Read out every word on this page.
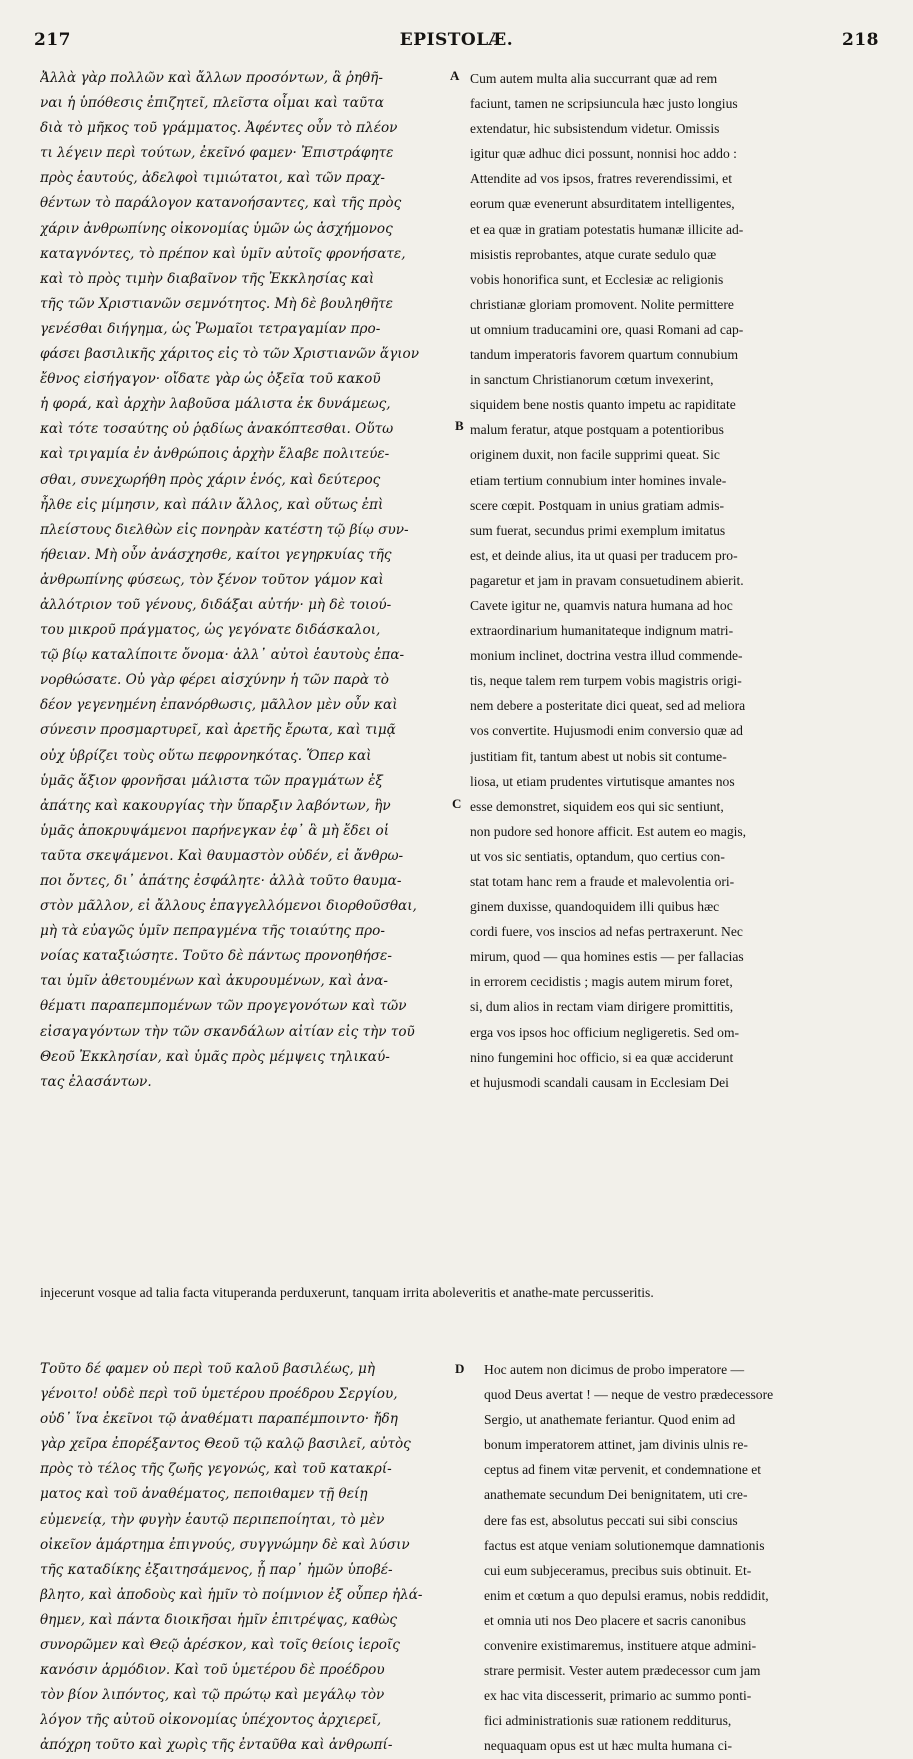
217	EPISTOLÆ.	218
Ἀλλὰ γὰρ πολλῶν καὶ ἄλλων προσόντων, ἃ ῥηθῆ-
ναι ἡ ὑπόθεσις ἐπιζητεῖ, πλεῖστα οἶμαι καὶ ταῦτα
διὰ τὸ μῆκος τοῦ γράμματος. Ἀφέντες οὖν τὸ πλέον
τι λέγειν περὶ τούτων, ἐκεῖνό φαμεν· Ἐπιστράφητε
πρὸς ἑαυτούς, ἀδελφοὶ τιμιώτατοι, καὶ τῶν πραχ-
θέντων τὸ παράλογον κατανοήσαντες, καὶ τῆς πρὸς
χάριν ἀνθρωπίνης οἰκονομίας ὑμῶν ὡς ἀσχήμονος
καταγνόντες, τὸ πρέπον καὶ ὑμῖν αὐτοῖς φρονήσατε,
καὶ τὸ πρὸς τιμὴν διαβαῖνον τῆς Ἐκκλησίας καὶ
τῆς τῶν Χριστιανῶν σεμνότητος. Μὴ δὲ βουληθῆτε
γενέσθαι διήγημα, ὡς Ῥωμαῖοι τετραγαμίαν προ-
φάσει βασιλικῆς χάριτος εἰς τὸ τῶν Χριστιανῶν ἅγιον
ἔθνος εἰσήγαγον· οἴδατε γὰρ ὡς ὀξεῖα τοῦ κακοῦ
ἡ φορά, καὶ ἀρχὴν λαβοῦσα μάλιστα ἐκ δυνάμεως,
καὶ τότε τοσαύτης οὐ ῥᾳδίως ἀνακόπτεσθαι. Οὕτω
καὶ τριγαμία ἐν ἀνθρώποις ἀρχὴν ἔλαβε πολιτεύε-
σθαι, συνεχωρήθη πρὸς χάριν ἑνός, καὶ δεύτερος
ἦλθε εἰς μίμησιν, καὶ πάλιν ἄλλος, καὶ οὕτως ἐπὶ
πλείστους διελθὼν εἰς πονηρὰν κατέστη τῷ βίῳ συν-
ήθειαν. Μὴ οὖν ἀνάσχησθε, καίτοι γεγηρκυίας τῆς
ἀνθρωπίνης φύσεως, τὸν ξένον τοῦτον γάμον καὶ
ἀλλότριον τοῦ γένους, διδάξαι αὐτήν· μὴ δὲ τοιού-
του μικροῦ πράγματος, ὡς γεγόνατε διδάσκαλοι,
τῷ βίῳ καταλίποιτε ὄνομα· ἀλλ᾽ αὐτοὶ ἑαυτοὺς ἐπα-
νορθώσατε. Οὐ γὰρ φέρει αἰσχύνην ἡ τῶν παρὰ τὸ
δέον γεγενημένη ἐπανόρθωσις, μᾶλλον μὲν οὖν καὶ
σύνεσιν προσμαρτυρεῖ, καὶ ἀρετῆς ἔρωτα, καὶ τιμᾷ
οὐχ ὑβρίζει τοὺς οὕτω πεφρονηκότας. Ὅπερ καὶ
ὑμᾶς ἄξιον φρονῆσαι μάλιστα τῶν πραγμάτων ἐξ
ἀπάτης καὶ κακουργίας τὴν ὕπαρξιν λαβόντων, ἣν
ὑμᾶς ἀποκρυψάμενοι παρήνεγκαν ἐφ᾽ ἃ μὴ ἔδει οἱ
ταῦτα σκεψάμενοι. Καὶ θαυμαστὸν οὐδέν, εἰ ἄνθρω-
ποι ὄντες, δι᾽ ἀπάτης ἐσφάλητε· ἀλλὰ τοῦτο θαυμα-
στὸν μᾶλλον, εἰ ἄλλους ἐπαγγελλόμενοι διορθοῦσθαι,
μὴ τὰ εὐαγῶς ὑμῖν πεπραγμένα τῆς τοιαύτης προ-
νοίας καταξιώσητε. Τοῦτο δὲ πάντως προνοηθήσε-
ται ὑμῖν ἀθετουμένων καὶ ἀκυρουμένων, καὶ ἀνα-
θέματι παραπεμπομένων τῶν προγεγονότων καὶ τῶν
εἰσαγαγόντων τὴν τῶν σκανδάλων αἰτίαν εἰς τὴν τοῦ
Θεοῦ Ἐκκλησίαν, καὶ ὑμᾶς πρὸς μέμψεις τηλικαύ-
τας ἐλασάντων.
Cum autem multa alia succurrant quæ ad rem
faciunt, tamen ne scripsiuncula hæc justo longius
extendatur, hic subsistendum videtur. Omissis
igitur quæ adhuc dici possunt, nonnisi hoc addo :
Attendite ad vos ipsos, fratres reverendissimi, et
eorum quæ evenerunt absurditatem intelligentes,
et ea quæ in gratiam potestatis humanæ illicite ad-
misistis reprobantes, atque curate sedulo quæ
vobis honorifica sunt, et Ecclesiæ ac religionis
christianæ gloriam promovent. Nolite permittere
ut omnium traducamini ore, quasi Romani ad cap-
tandum imperatoris favorem quartum connubium
in sanctum Christianorum cœtum invexerint,
siquidem bene nostis quanto impetu ac rapiditate
malum feratur, atque postquam a potentioribus
originem duxit, non facile supprimi queat. Sic
etiam tertium connubium inter homines invale-
scere cœpit. Postquam in unius gratiam admis-
sum fuerat, secundus primi exemplum imitatus
est, et deinde alius, ita ut quasi per traducem pro-
pagaretur et jam in pravam consuetudinem abierit.
Cavete igitur ne, quamvis natura humana ad hoc
extraordinarium humanitateque indignum matri-
monium inclinet, doctrina vestra illud commende-
tis, neque talem rem turpem vobis magistris origi-
nem debere a posteritate dici queat, sed ad meliora
vos convertite. Hujusmodi enim conversio quæ ad
justitiam fit, tantum abest ut nobis sit contume-
liosa, ut etiam prudentes virtutisque amantes nos
esse demonstret, siquidem eos qui sic sentiunt,
non pudore sed honore afficit. Est autem eo magis,
ut vos sic sentiatis, optandum, quo certius con-
stat totam hanc rem a fraude et malevolentia ori-
ginem duxisse, quandoquidem illi quibus hæc
cordi fuere, vos inscios ad nefas pertraxerunt. Nec
mirum, quod — qua homines estis — per fallacias
in errorem cecidistis ; magis autem mirum foret,
si, dum alios in rectam viam dirigere promittitis,
erga vos ipsos hoc officium negligeretis. Sed om-
nino fungemini hoc officio, si ea quæ acciderunt
et hujusmodi scandali causam in Ecclesiam Dei
A
B
C
D
injecerunt vosque ad talia facta vituperanda perduxerunt, tanquam irrita aboleveritis et anathe-mate percusseritis.
Τοῦτο δέ φαμεν οὐ περὶ τοῦ καλοῦ βασιλέως, μὴ
γένοιτο! οὐδὲ περὶ τοῦ ὑμετέρου προέδρου Σεργίου,
οὐδ᾽ ἵνα ἐκεῖνοι τῷ ἀναθέματι παραπέμποιντο· ἤδη
γὰρ χεῖρα ἐπορέξαντος Θεοῦ τῷ καλῷ βασιλεῖ, αὐτὸς
πρὸς τὸ τέλος τῆς ζωῆς γεγονώς, καὶ τοῦ κατακρί-
ματος καὶ τοῦ ἀναθέματος, πεποιθαμεν τῇ θείῃ
εὐμενείᾳ, τὴν φυγὴν ἑαυτῷ περιπεποίηται, τὸ μὲν
οἰκεῖον ἁμάρτημα ἐπιγνούς, συγγνώμην δὲ καὶ λύσιν
τῆς καταδίκης ἐξαιτησάμενος, ᾗ παρ᾽ ἡμῶν ὑποβέ-
βλητο, καὶ ἀποδοὺς καὶ ἡμῖν τὸ ποίμνιον ἐξ οὗπερ ἠλά-
θημεν, καὶ πάντα διοικῆσαι ἡμῖν ἐπιτρέψας, καθὼς
συνορῶμεν καὶ Θεῷ ἀρέσκον, καὶ τοῖς θείοις ἱεροῖς
κανόσιν ἁρμόδιον. Καὶ τοῦ ὑμετέρου δὲ προέδρου
τὸν βίον λιπόντος, καὶ τῷ πρώτῳ καὶ μεγάλῳ τὸν
λόγον τῆς αὐτοῦ οἰκονομίας ὑπέχοντος ἀρχιερεῖ,
ἀπόχρη τοῦτο καὶ χωρὶς τῆς ἐνταῦθα καὶ ἀνθρωπί-
Hoc autem non dicimus de probo imperatore —
quod Deus avertat ! — neque de vestro prædecessore
Sergio, ut anathemate feriantur. Quod enim ad
bonum imperatorem attinet, jam divinis ulnis re-
ceptus ad finem vitæ pervenit, et condemnatione et
anathemate secundum Dei benignitatem, uti cre-
dere fas est, absolutus peccati sui sibi conscius
factus est atque veniam solutionemque damnationis
cui eum subjeceramus, precibus suis obtinuit. Et-
enim et cœtum a quo depulsi eramus, nobis reddidit,
et omnia uti nos Deo placere et sacris canonibus
convenire existimaremus, instituere atque admini-
strare permisit. Vester autem prædecessor cum jam
ex hac vita discesserit, primario ac summo ponti-
fici administrationis suæ rationem redditurus,
nequaquam opus est ut hæc multa humana ci-
